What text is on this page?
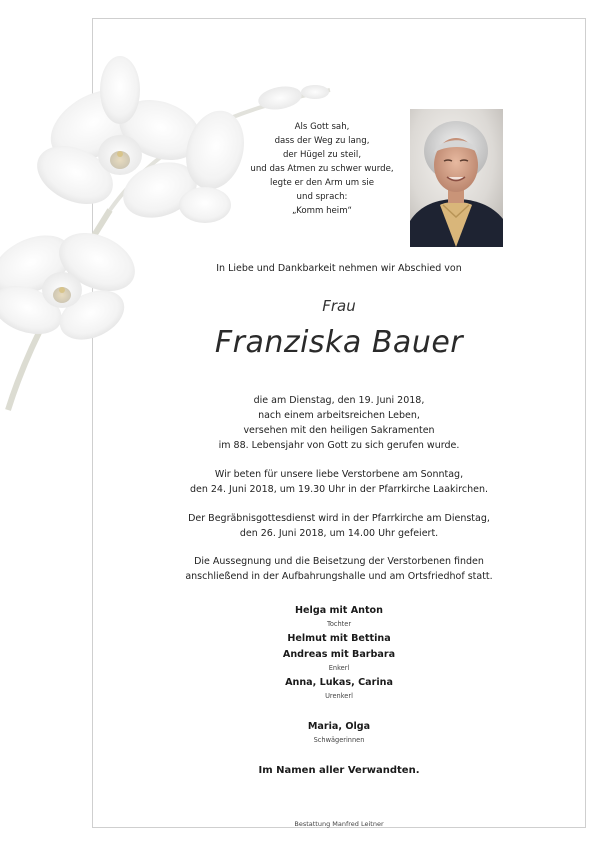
Als Gott sah,
dass der Weg zu lang,
der Hügel zu steil,
und das Atmen zu schwer wurde,
legte er den Arm um sie
und sprach:
„Komm heim“
In Liebe und Dankbarkeit nehmen wir Abschied von
Frau
Franziska Bauer
die am Dienstag, den 19. Juni 2018,
nach einem arbeitsreichen Leben,
versehen mit den heiligen Sakramenten
im 88. Lebensjahr von Gott zu sich gerufen wurde.
Wir beten für unsere liebe Verstorbene am Sonntag,
den 24. Juni 2018, um 19.30 Uhr in der Pfarrkirche Laakirchen.
Der Begräbnisgottesdienst wird in der Pfarrkirche am Dienstag,
den 26. Juni 2018, um 14.00 Uhr gefeiert.
Die Aussegnung und die Beisetzung der Verstorbenen finden
anschließend in der Aufbahrungshalle und am Ortsfriedhof statt.
Helga mit Anton
Tochter
Helmut mit Bettina
Andreas mit Barbara
Enkerl
Anna, Lukas, Carina
Urenkerl
Maria, Olga
Schwägerinnen
Im Namen aller Verwandten.
Bestattung Manfred Leitner
